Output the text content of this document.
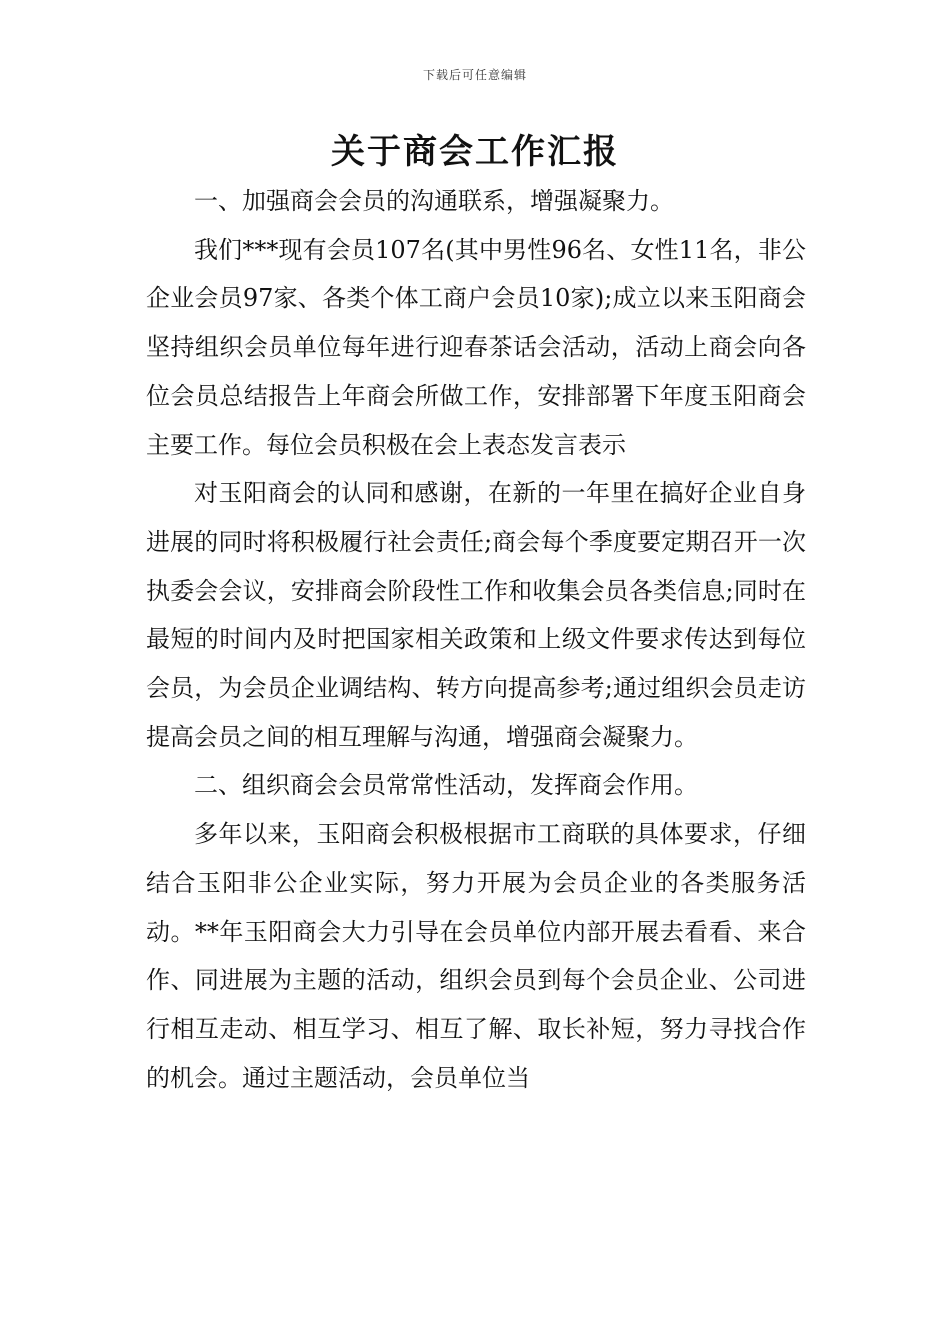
下载后可任意编辑
关于商会工作汇报

一、加强商会会员的沟通联系，增强凝聚力。

我们***现有会员107名(其中男性96名、女性11名，非公企业会员97家、各类个体工商户会员10家);成立以来玉阳商会坚持组织会员单位每年进行迎春茶话会活动，活动上商会向各位会员总结报告上年商会所做工作，安排部署下年度玉阳商会主要工作。每位会员积极在会上表态发言表示

对玉阳商会的认同和感谢，在新的一年里在搞好企业自身进展的同时将积极履行社会责任;商会每个季度要定期召开一次执委会会议，安排商会阶段性工作和收集会员各类信息;同时在最短的时间内及时把国家相关政策和上级文件要求传达到每位会员，为会员企业调结构、转方向提高参考;通过组织会员走访提高会员之间的相互理解与沟通，增强商会凝聚力。

二、组织商会会员常常性活动，发挥商会作用。

多年以来，玉阳商会积极根据市工商联的具体要求，仔细结合玉阳非公企业实际，努力开展为会员企业的各类服务活动。**年玉阳商会大力引导在会员单位内部开展去看看、来合作、同进展为主题的活动，组织会员到每个会员企业、公司进行相互走动、相互学习、相互了解、取长补短，努力寻找合作的机会。通过主题活动，会员单位当
